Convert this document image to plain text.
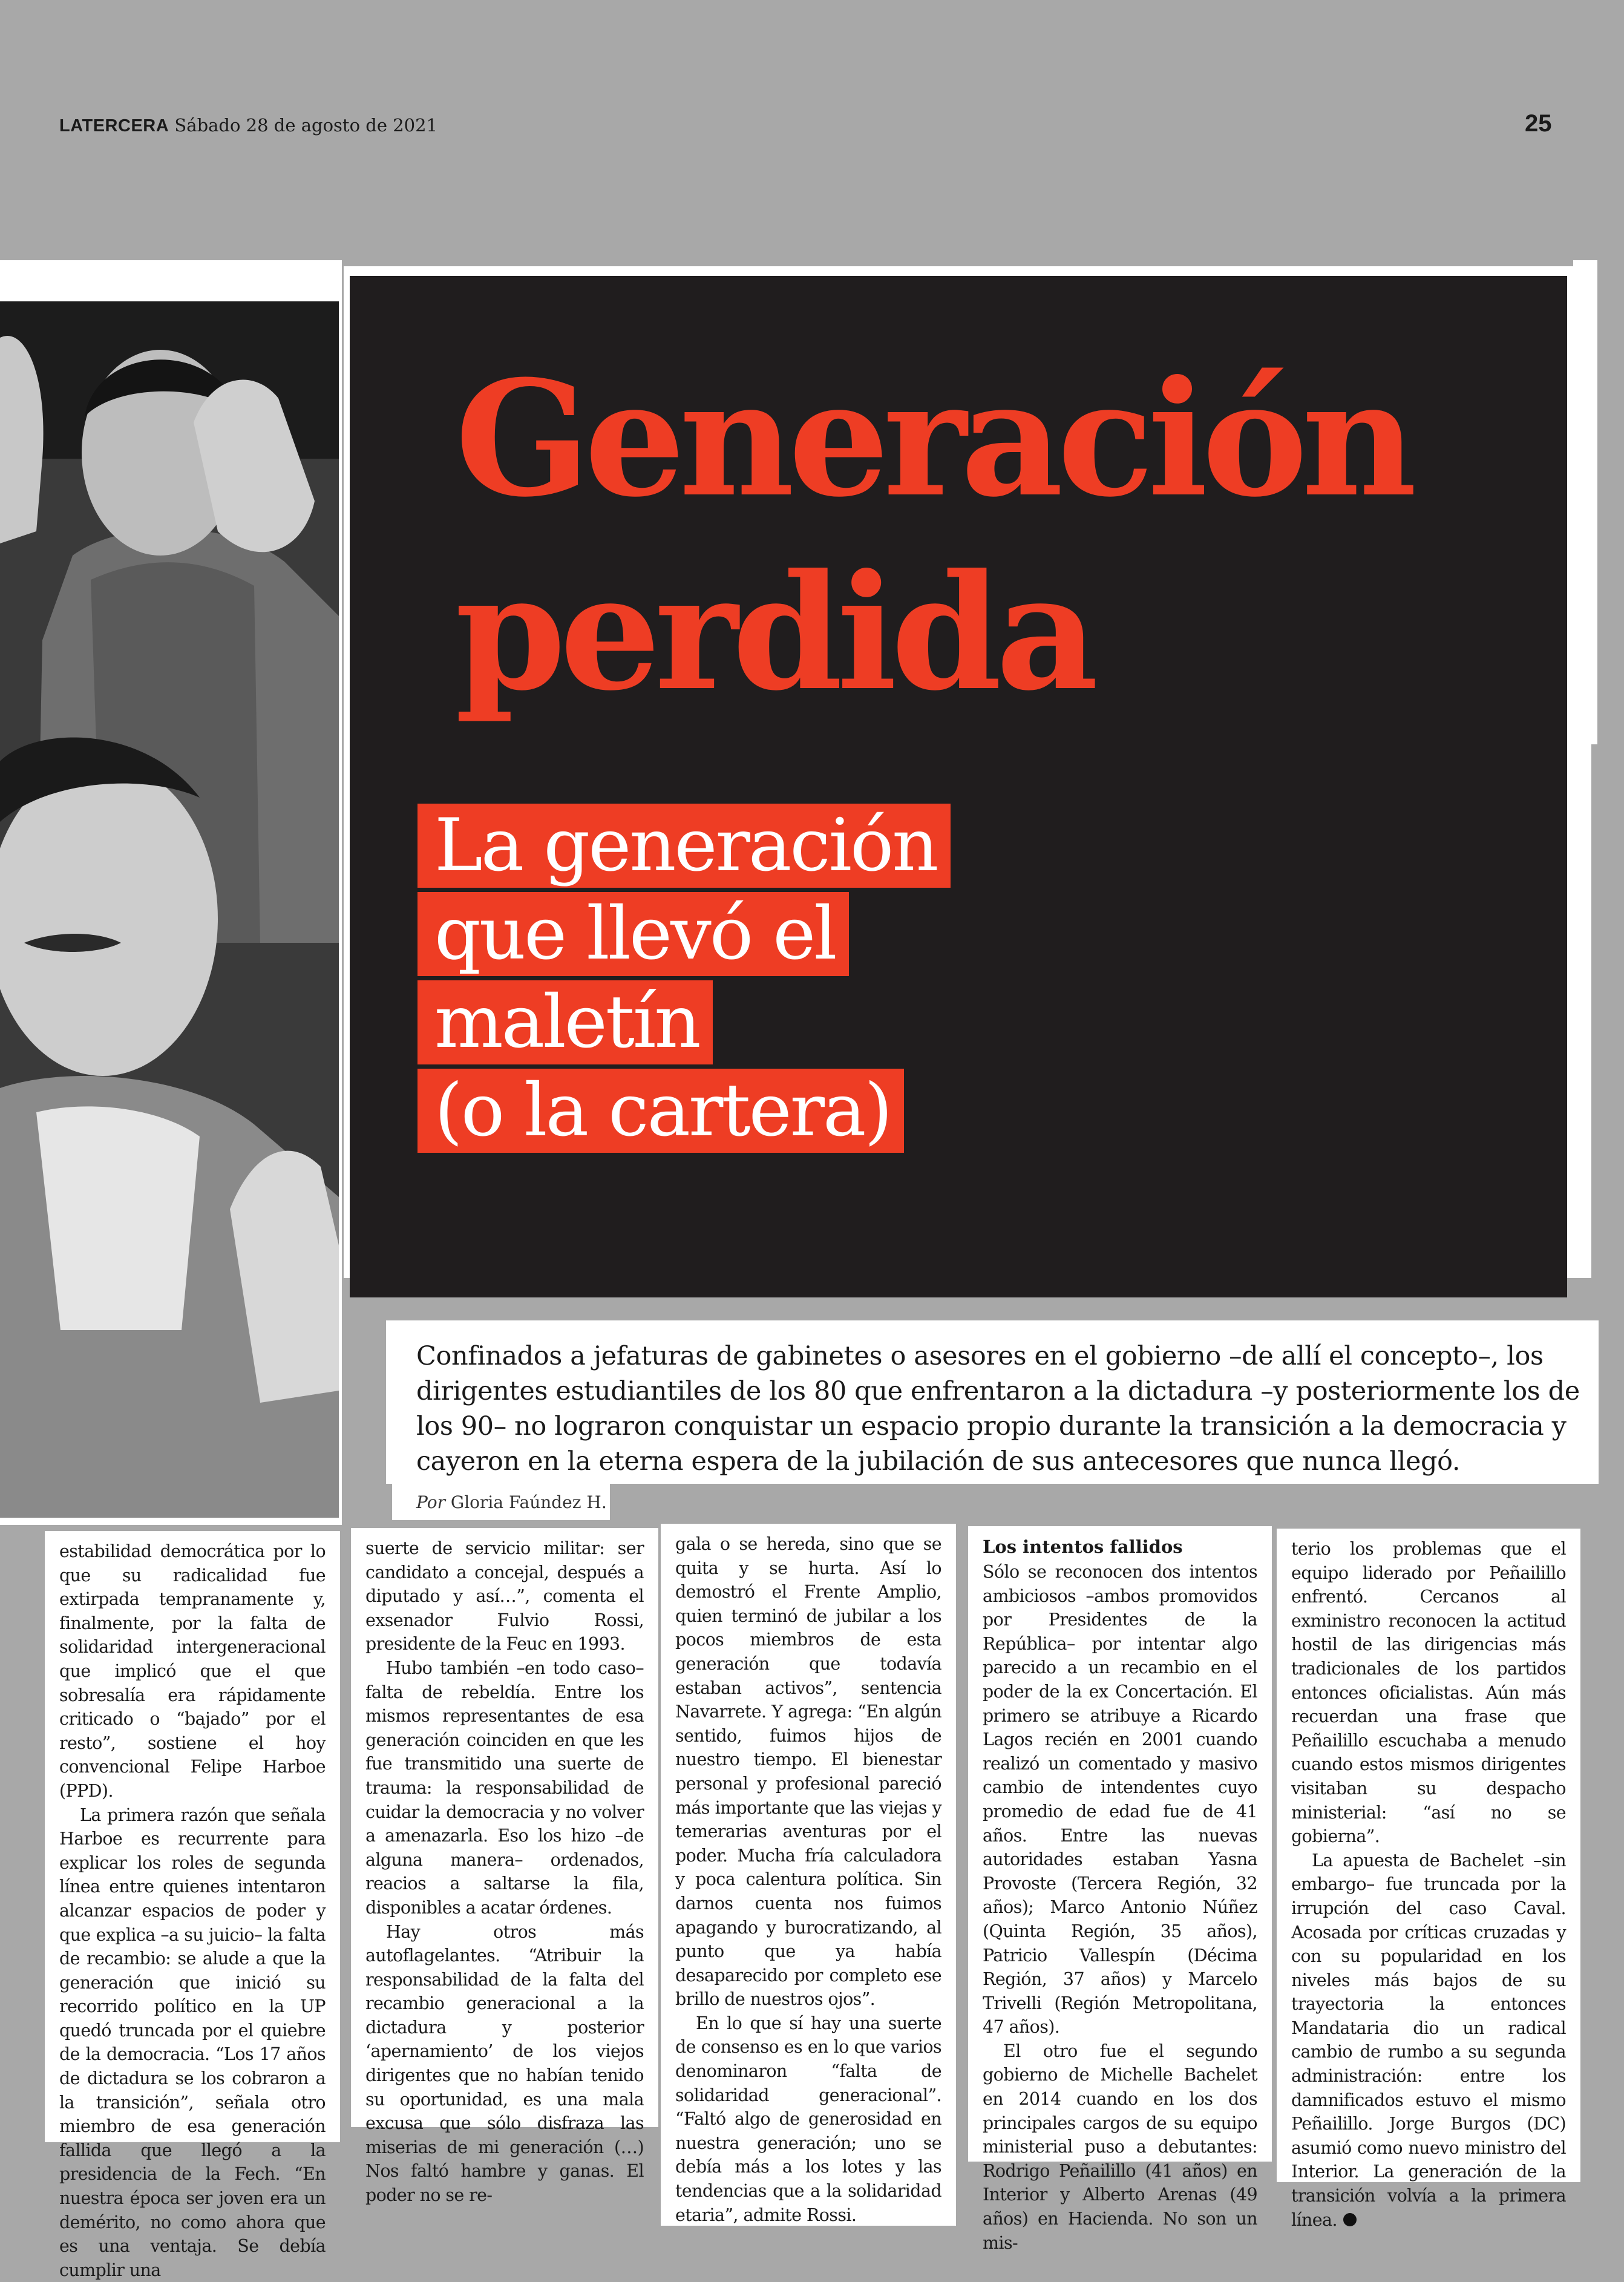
LATERCERA Sábado 28 de agosto de 2021	25
Generación
perdida
La generación
que llevó el
maletín
(o la cartera)

Confinados a jefaturas de gabinetes o asesores en el gobierno –de allí el concepto–, los dirigentes estudiantiles de los 80 que enfrentaron a la dictadura –y posteriormente los de los 90– no lograron conquistar un espacio propio durante la transición a la democracia y cayeron en la eterna espera de la jubilación de sus antecesores que nunca llegó.

Por Gloria Faúndez H.

estabilidad democrática por lo que su radicalidad fue extirpada tempranamente y, finalmente, por la falta de solidaridad intergeneracional que implicó que el que sobresalía era rápidamente criticado o “bajado” por el resto”, sostiene el hoy convencional Felipe Harboe (PPD).

La primera razón que señala Harboe es recurrente para explicar los roles de segunda línea entre quienes intentaron alcanzar espacios de poder y que explica –a su juicio– la falta de recambio: se alude a que la generación que inició su recorrido político en la UP quedó truncada por el quiebre de la democracia. “Los 17 años de dictadura se los cobraron a la transición”, señala otro miembro de esa generación fallida que llegó a la presidencia de la Fech. “En nuestra época ser joven era un demérito, no como ahora que es una ventaja. Se debía cumplir una

suerte de servicio militar: ser candidato a concejal, después a diputado y así…”, comenta el exsenador Fulvio Rossi, presidente de la Feuc en 1993.

Hubo también –en todo caso– falta de rebeldía. Entre los mismos representantes de esa generación coinciden en que les fue transmitido una suerte de trauma: la responsabilidad de cuidar la democracia y no volver a amenazarla. Eso los hizo –de alguna manera– ordenados, reacios a saltarse la fila, disponibles a acatar órdenes.

Hay otros más autoflagelantes. “Atribuir la responsabilidad de la falta del recambio generacional a la dictadura y posterior ‘apernamiento’ de los viejos dirigentes que no habían tenido su oportunidad, es una mala excusa que sólo disfraza las miserias de mi generación (…) Nos faltó hambre y ganas. El poder no se re-

gala o se hereda, sino que se quita y se hurta. Así lo demostró el Frente Amplio, quien terminó de jubilar a los pocos miembros de esta generación que todavía estaban activos”, sentencia Navarrete. Y agrega: “En algún sentido, fuimos hijos de nuestro tiempo. El bienestar personal y profesional pareció más importante que las viejas y temerarias aventuras por el poder. Mucha fría calculadora y poca calentura política. Sin darnos cuenta nos fuimos apagando y burocratizando, al punto que ya había desaparecido por completo ese brillo de nuestros ojos”.

En lo que sí hay una suerte de consenso es en lo que varios denominaron “falta de solidaridad generacional”. “Faltó algo de generosidad en nuestra generación; uno se debía más a los lotes y las tendencias que a la solidaridad etaria”, admite Rossi.

Los intentos fallidos

Sólo se reconocen dos intentos ambiciosos –ambos promovidos por Presidentes de la República– por intentar algo parecido a un recambio en el poder de la ex Concertación. El primero se atribuye a Ricardo Lagos recién en 2001 cuando realizó un comentado y masivo cambio de intendentes cuyo promedio de edad fue de 41 años. Entre las nuevas autoridades estaban Yasna Provoste (Tercera Región, 32 años); Marco Antonio Núñez (Quinta Región, 35 años), Patricio Vallespín (Décima Región, 37 años) y Marcelo Trivelli (Región Metropolitana, 47 años).

El otro fue el segundo gobierno de Michelle Bachelet en 2014 cuando en los dos principales cargos de su equipo ministerial puso a debutantes: Rodrigo Peñailillo (41 años) en Interior y Alberto Arenas (49 años) en Hacienda. No son un mis-

terio los problemas que el equipo liderado por Peñailillo enfrentó. Cercanos al exministro reconocen la actitud hostil de las dirigencias más tradicionales de los partidos entonces oficialistas. Aún más recuerdan una frase que Peñailillo escuchaba a menudo cuando estos mismos dirigentes visitaban su despacho ministerial: “así no se gobierna”.

La apuesta de Bachelet –sin embargo– fue truncada por la irrupción del caso Caval. Acosada por críticas cruzadas y con su popularidad en los niveles más bajos de su trayectoria la entonces Mandataria dio un radical cambio de rumbo a su segunda administración: entre los damnificados estuvo el mismo Peñailillo. Jorge Burgos (DC) asumió como nuevo ministro del Interior. La generación de la transición volvía a la primera línea.
